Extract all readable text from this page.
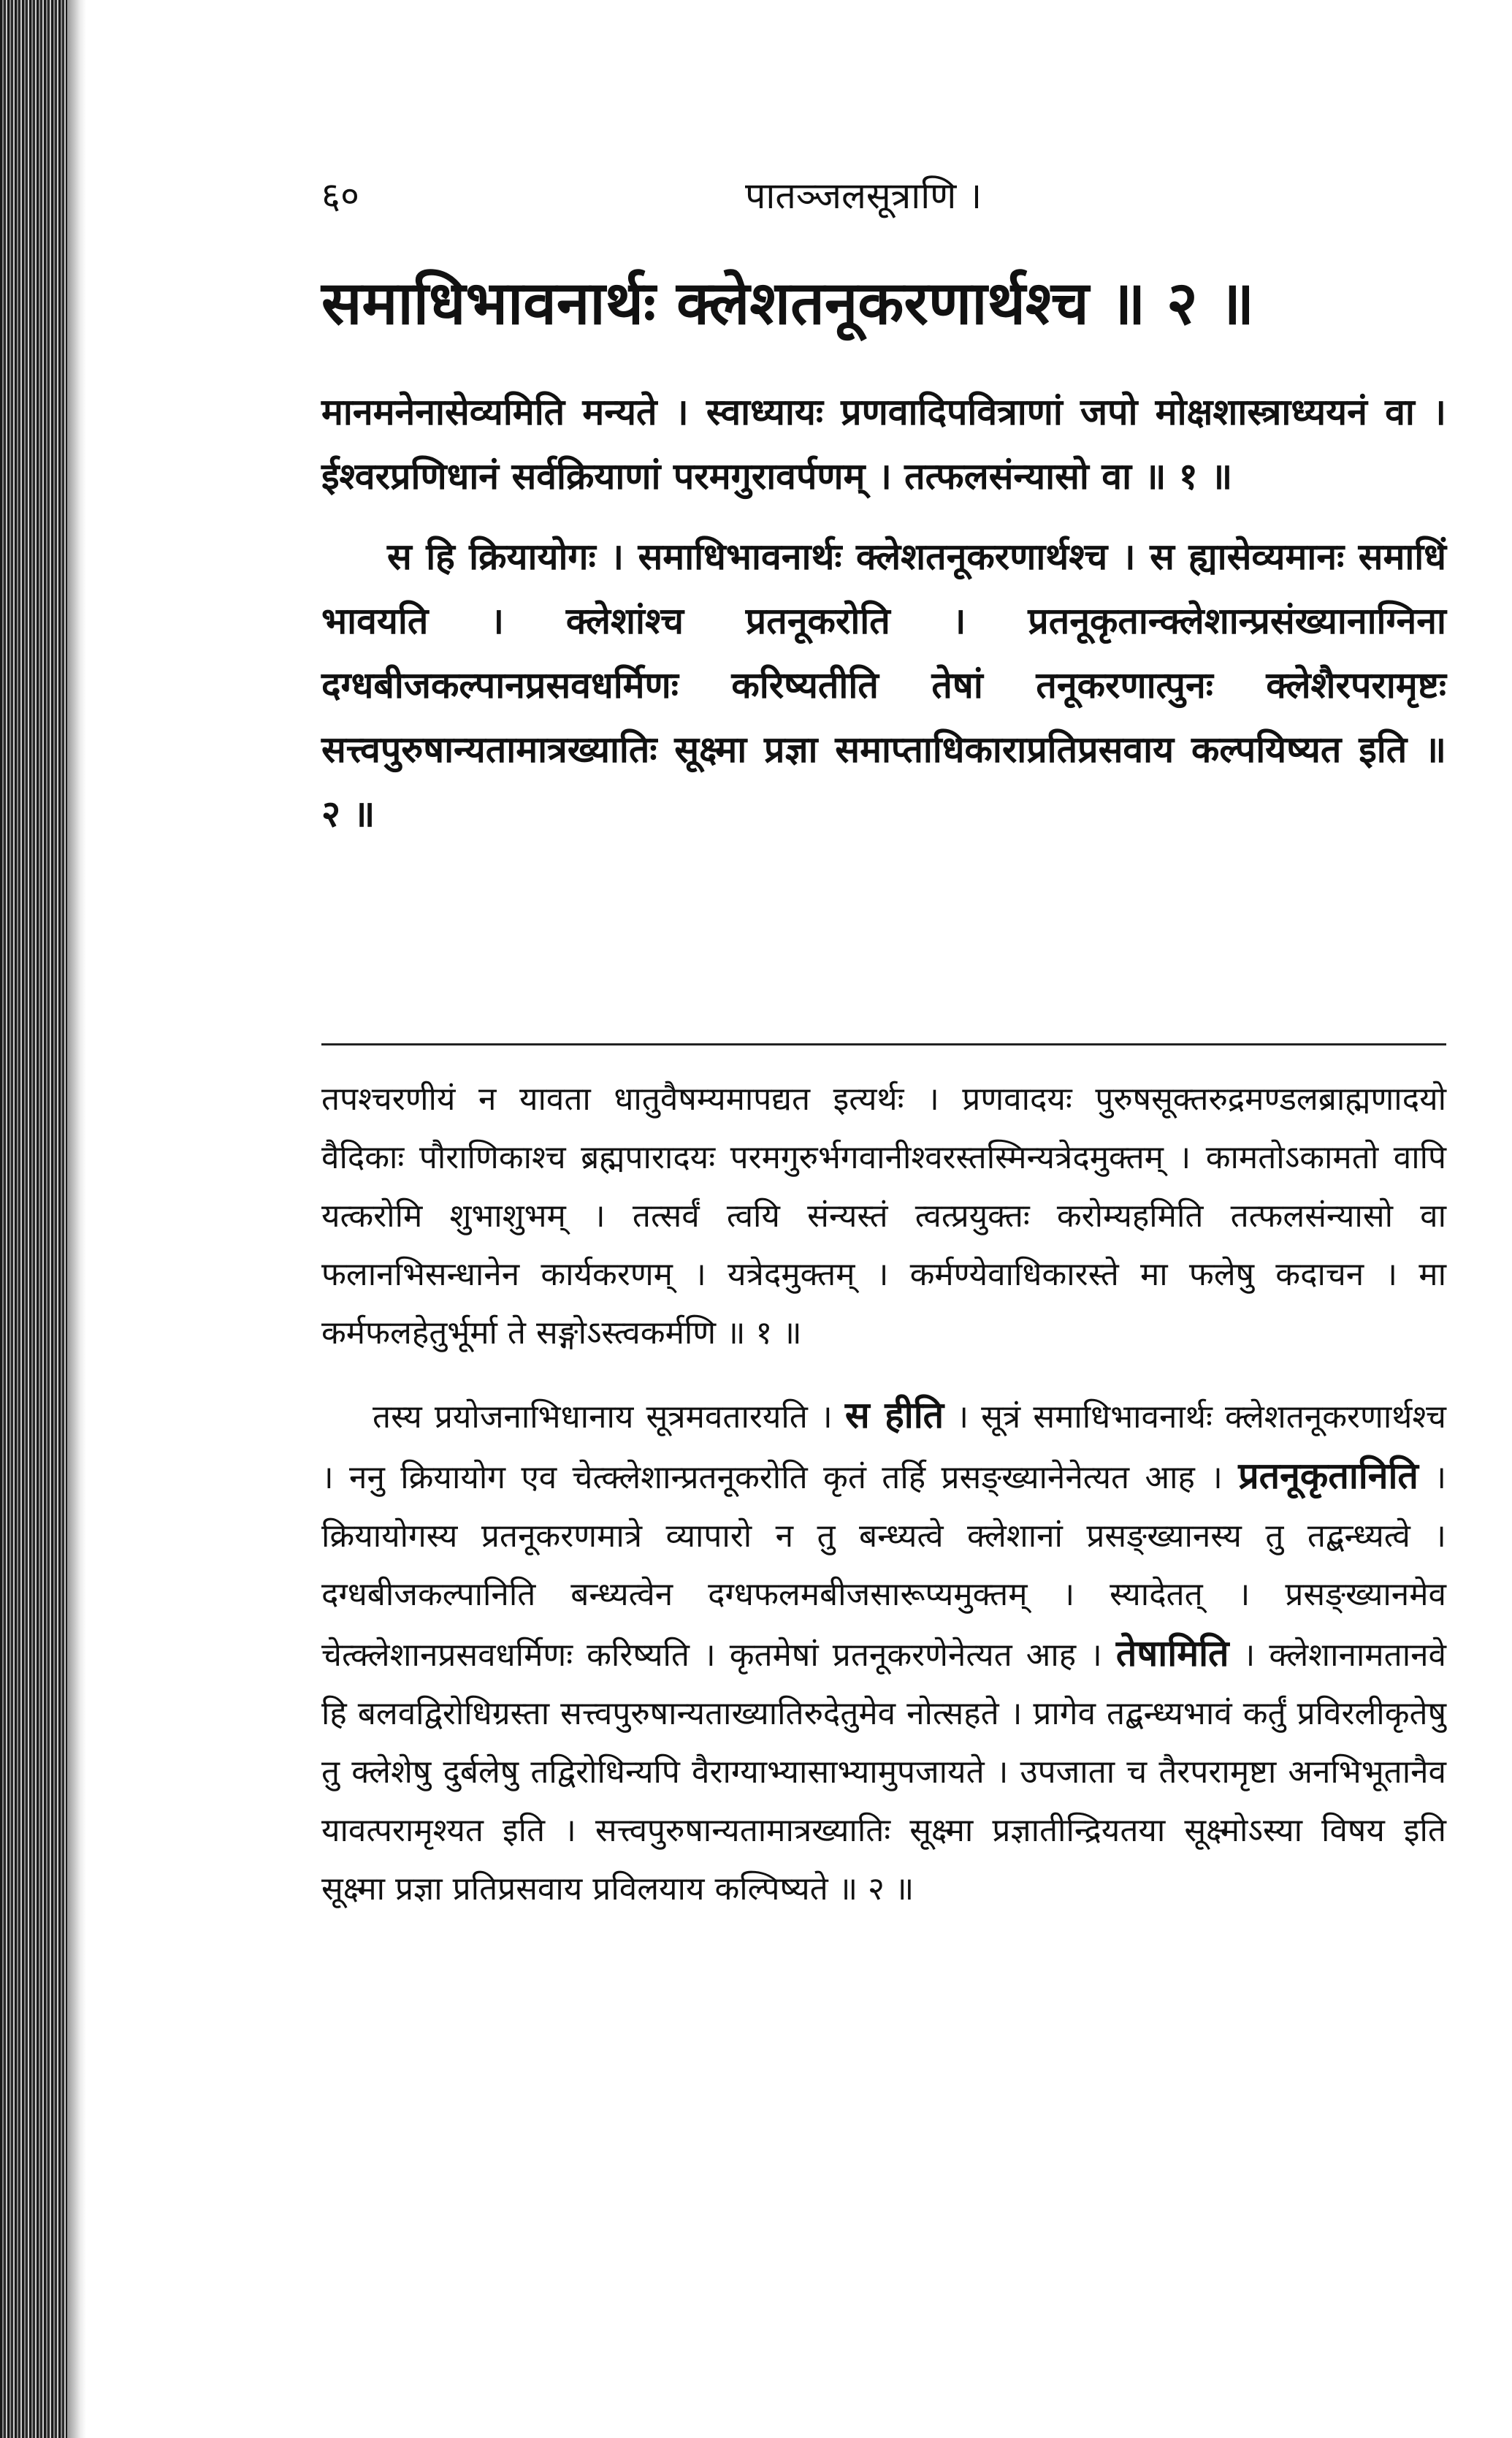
६०	पातञ्जलसूत्राणि ।
समाधिभावनार्थः क्लेशतनूकरणार्थश्च ॥ २ ॥

मानमनेनासेव्यमिति मन्यते । स्वाध्यायः प्रणवादिपवित्राणां जपो मोक्षशास्त्राध्ययनं वा । ईश्वरप्रणिधानं सर्वक्रियाणां परमगुरावर्पणम् । तत्फलसंन्यासो वा ॥ १ ॥

स हि क्रियायोगः । समाधिभावनार्थः क्लेशतनूकरणार्थश्च । स ह्यासेव्यमानः समाधिं भावयति । क्लेशांश्च प्रतनूकरोति । प्रतनूकृतान्क्लेशान्प्रसंख्यानाग्निना दग्धबीजकल्पानप्रसवधर्मिणः करिष्यतीति तेषां तनूकरणात्पुनः क्लेशैरपरामृष्टः सत्त्वपुरुषान्यतामात्रख्यातिः सूक्ष्मा प्रज्ञा समाप्ताधिकाराप्रतिप्रसवाय कल्पयिष्यत इति ॥ २ ॥

तपश्चरणीयं न यावता धातुवैषम्यमापद्यत इत्यर्थः । प्रणवादयः पुरुषसूक्तरुद्रमण्डलब्राह्मणादयो वैदिकाः पौराणिकाश्च ब्रह्मपारादयः परमगुरुर्भगवानीश्वरस्तस्मिन्यत्रेदमुक्तम् । कामतोऽकामतो वापि यत्करोमि शुभाशुभम् । तत्सर्वं त्वयि संन्यस्तं त्वत्प्रयुक्तः करोम्यहमिति तत्फलसंन्यासो वा फलानभिसन्धानेन कार्यकरणम् । यत्रेदमुक्तम् । कर्मण्येवाधिकारस्ते मा फलेषु कदाचन । मा कर्मफलहेतुर्भूर्मा ते सङ्गोऽस्त्वकर्मणि ॥ १ ॥

तस्य प्रयोजनाभिधानाय सूत्रमवतारयति । स हीति । सूत्रं समाधिभावनार्थः क्लेशतनूकरणार्थश्च । ननु क्रियायोग एव चेत्क्लेशान्प्रतनूकरोति कृतं तर्हि प्रसङ्ख्यानेनेत्यत आह । प्रतनूकृतानिति । क्रियायोगस्य प्रतनूकरणमात्रे व्यापारो न तु बन्ध्यत्वे क्लेशानां प्रसङ्ख्यानस्य तु तद्बन्ध्यत्वे । दग्धबीजकल्पानिति बन्ध्यत्वेन दग्धफलमबीजसारूप्यमुक्तम् । स्यादेतत् । प्रसङ्ख्यानमेव चेत्क्लेशानप्रसवधर्मिणः करिष्यति । कृतमेषां प्रतनूकरणेनेत्यत आह । तेषामिति । क्लेशानामतानवे हि बलवद्विरोधिग्रस्ता सत्त्वपुरुषान्यताख्यातिरुदेतुमेव नोत्सहते । प्रागेव तद्बन्ध्यभावं कर्तुं प्रविरलीकृतेषु तु क्लेशेषु दुर्बलेषु तद्विरोधिन्यपि वैराग्याभ्यासाभ्यामुपजायते । उपजाता च तैरपरामृष्टा अनभिभूतानैव यावत्परामृश्यत इति । सत्त्वपुरुषान्यतामात्रख्यातिः सूक्ष्मा प्रज्ञातीन्द्रियतया सूक्ष्मोऽस्या विषय इति सूक्ष्मा प्रज्ञा प्रतिप्रसवाय प्रविलयाय कल्पिष्यते ॥ २ ॥
